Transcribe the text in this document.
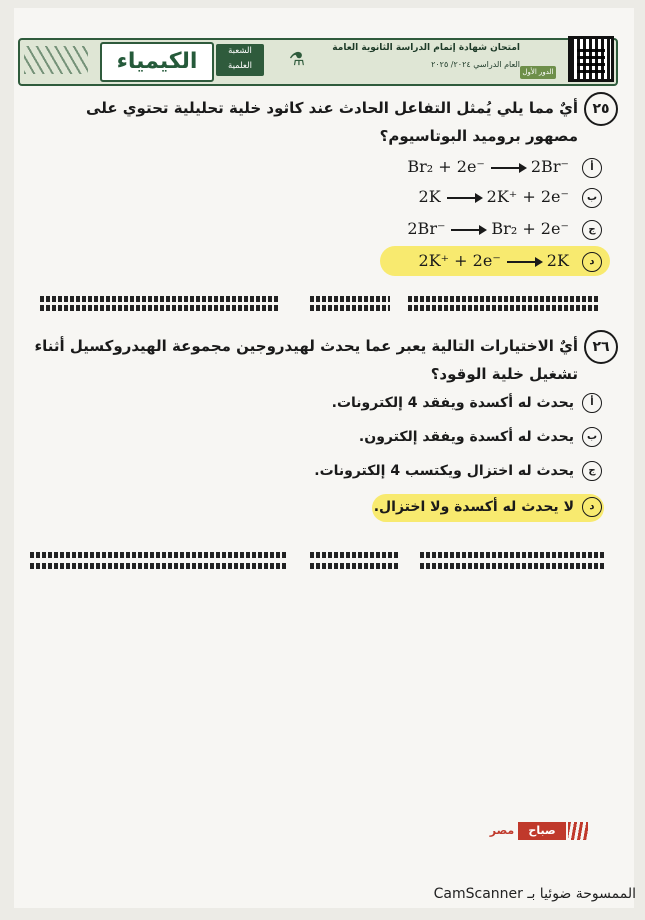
الكيمياء	الشعبة
العلمية	⚗
امتحان شهادة إتمام الدراسة الثانوية العامة
العام الدراسي ٢٠٢٤/ ٢٠٢٥
الدور الأول
٢٥
أيٌ مما يلي يُمثل التفاعل الحادث عند كاثود خلية تحليلية تحتوي على مصهور بروميد البوتاسيوم؟
أ Br₂ + 2e⁻	2Br⁻
ب 2K	2K⁺ + 2e⁻
ج 2Br⁻	Br₂ + 2e⁻
د 2K⁺ + 2e⁻	2K
٢٦
أيٌ الاختيارات التالية يعبر عما يحدث لهيدروجين مجموعة الهيدروكسيل أثناء تشغيل خلية الوقود؟
أيحدث له أكسدة ويفقد 4 إلكترونات.
بيحدث له أكسدة ويفقد إلكترون.
جيحدث له اختزال ويكتسب 4 إلكترونات.
دلا يحدث له أكسدة ولا اختزال.
مصر	صباح
الممسوحة ضوئيا بـ CamScanner
